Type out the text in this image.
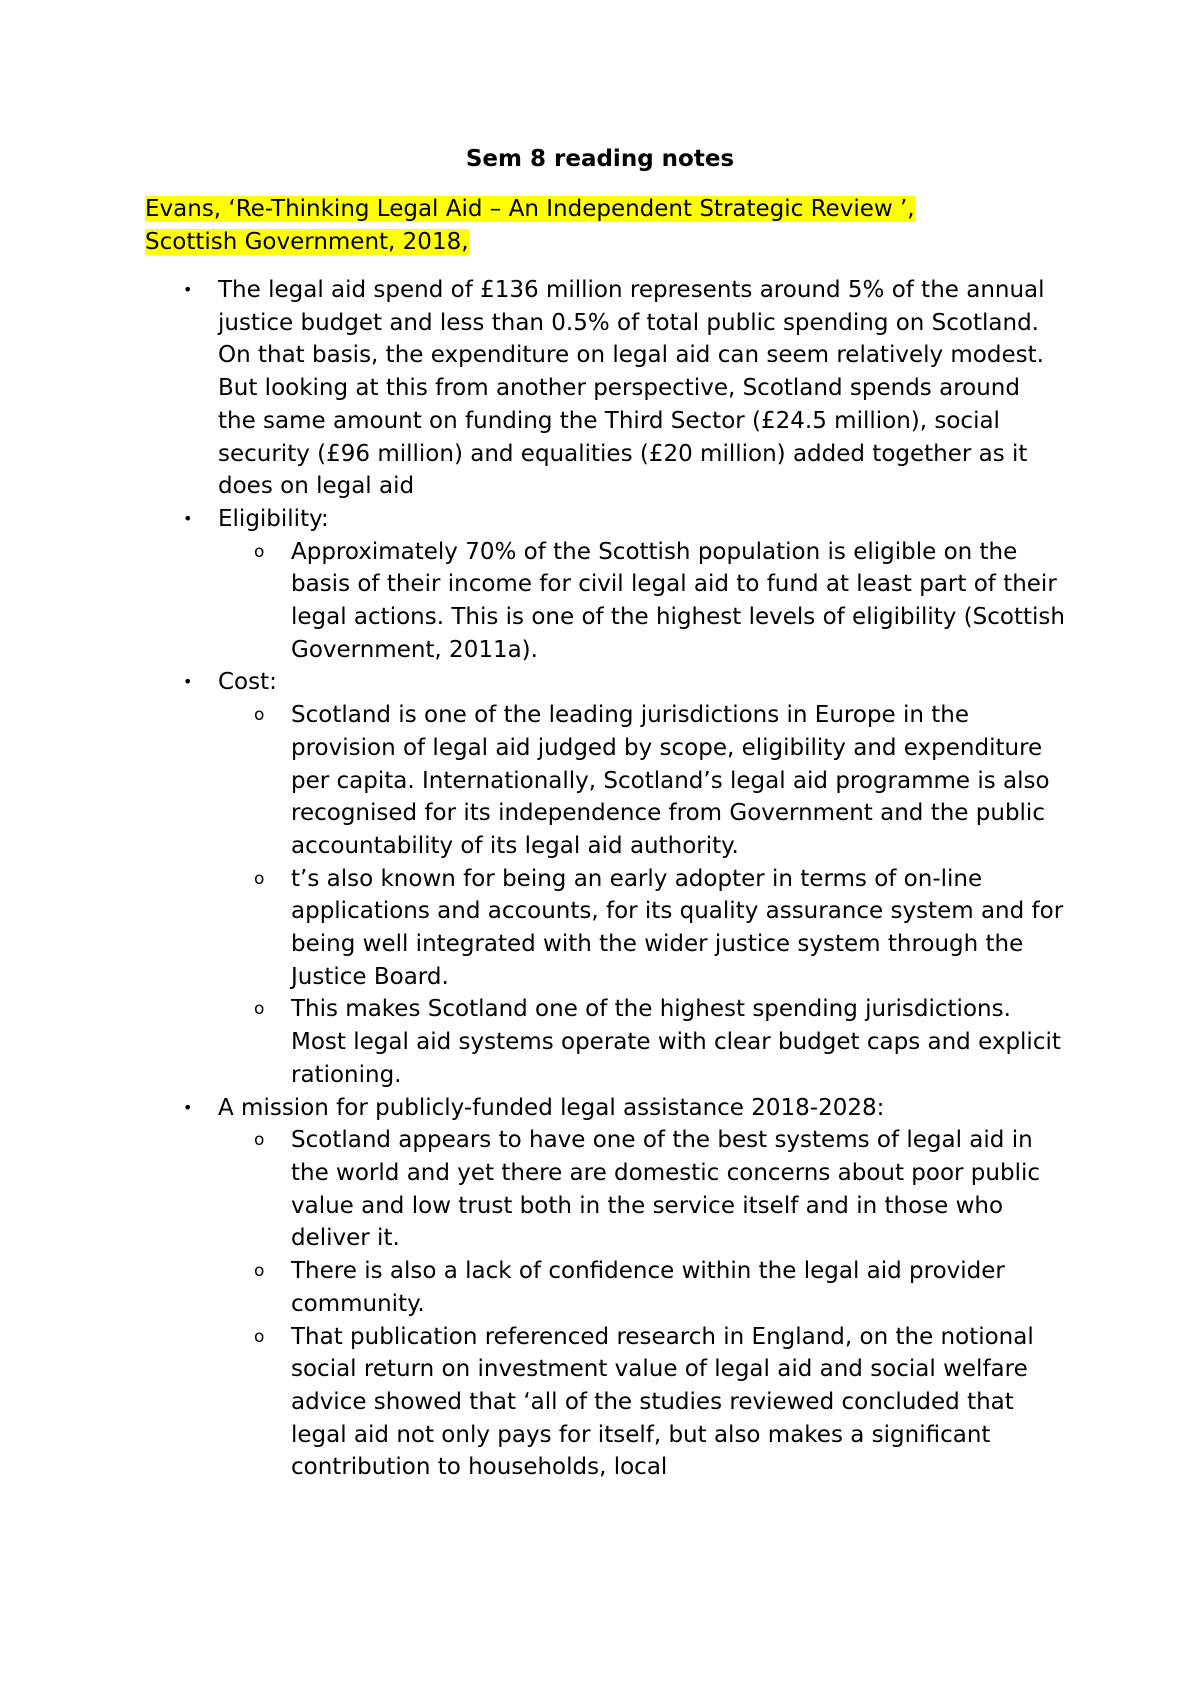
Sem 8 reading notes
Evans, ‘Re-Thinking Legal Aid – An Independent Strategic Review ’,
Scottish Government, 2018,
• The legal aid spend of £136 million represents around 5% of the annual justice budget and less than 0.5% of total public spending on Scotland. On that basis, the expenditure on legal aid can seem relatively modest. But looking at this from another perspective, Scotland spends around the same amount on funding the Third Sector (£24.5 million), social security (£96 million) and equalities (£20 million) added together as it does on legal aid
• Eligibility:
o Approximately 70% of the Scottish population is eligible on the basis of their income for civil legal aid to fund at least part of their legal actions. This is one of the highest levels of eligibility (Scottish Government, 2011a).
• Cost:
o Scotland is one of the leading jurisdictions in Europe in the provision of legal aid judged by scope, eligibility and expenditure per capita. Internationally, Scotland’s legal aid programme is also recognised for its independence from Government and the public accountability of its legal aid authority.
o t’s also known for being an early adopter in terms of on-line applications and accounts, for its quality assurance system and for being well integrated with the wider justice system through the Justice Board.
o This makes Scotland one of the highest spending jurisdictions. Most legal aid systems operate with clear budget caps and explicit rationing.
• A mission for publicly-funded legal assistance 2018-2028:
o Scotland appears to have one of the best systems of legal aid in the world and yet there are domestic concerns about poor public value and low trust both in the service itself and in those who deliver it.
o There is also a lack of confidence within the legal aid provider community.
o That publication referenced research in England, on the notional social return on investment value of legal aid and social welfare advice showed that ‘all of the studies reviewed concluded that legal aid not only pays for itself, but also makes a significant contribution to households, local
